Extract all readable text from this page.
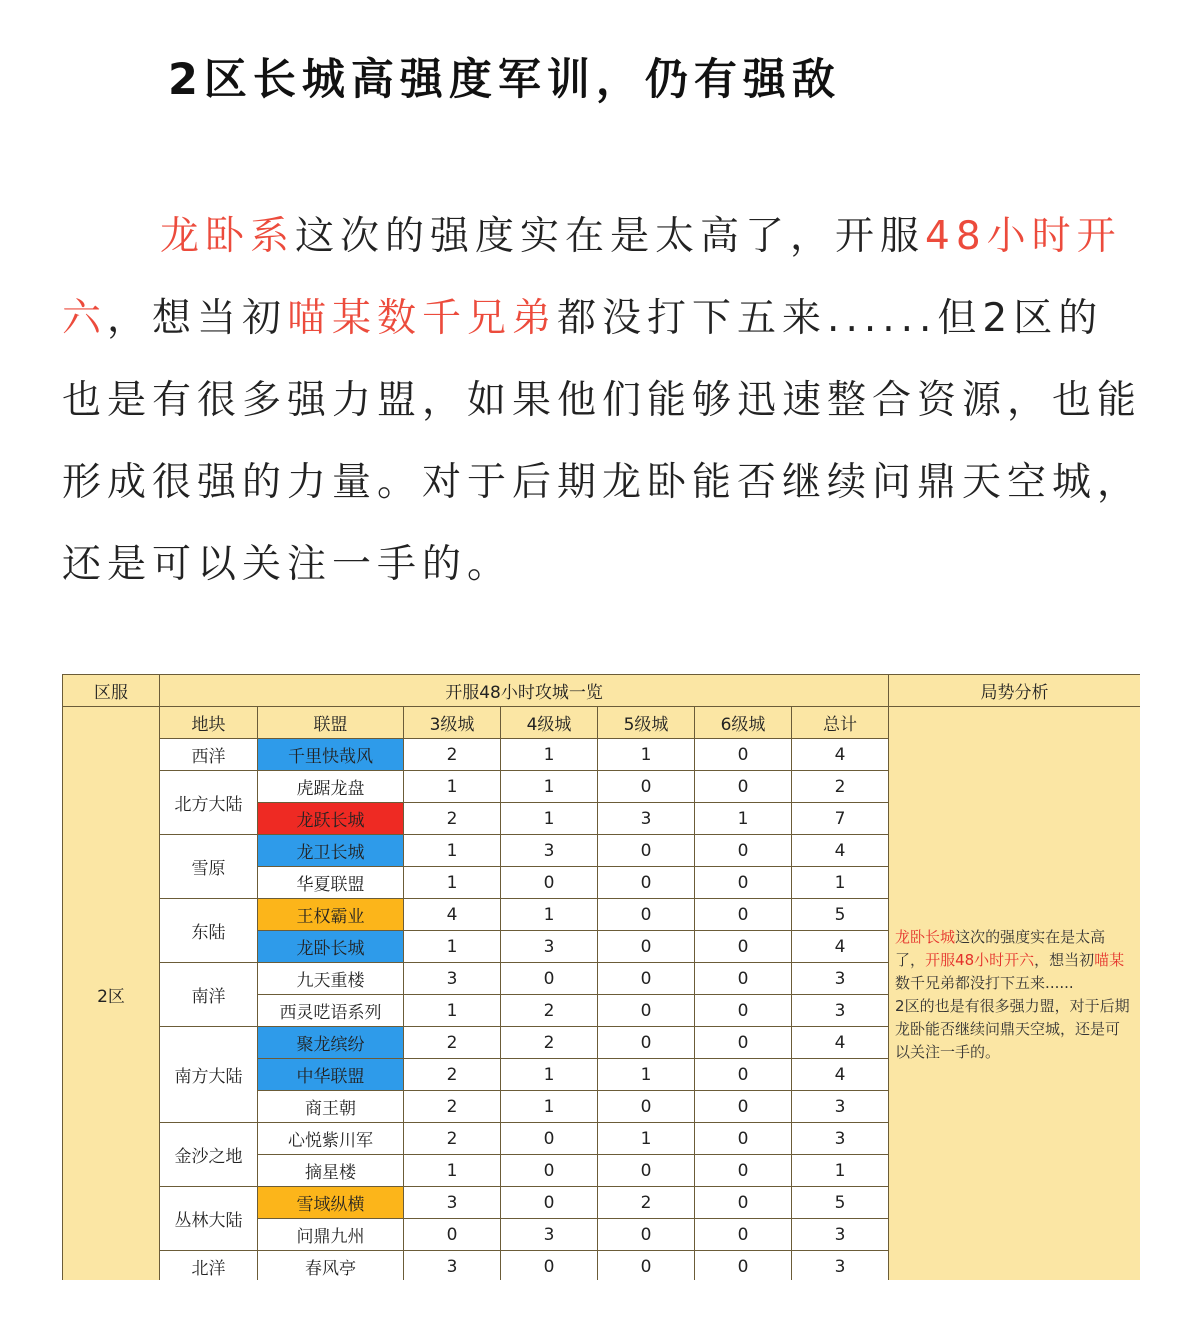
2区长城高强度军训，仍有强敌
龙卧系这次的强度实在是太高了，开服48小时开六，想当初喵某数千兄弟都没打下五来......但2区的也是有很多强力盟，如果他们能够迅速整合资源，也能形成很强的力量。对于后期龙卧能否继续问鼎天空城，还是可以关注一手的。
区服	开服48小时攻城一览							局势分析
2区	地块	联盟	3级城	4级城	5级城	6级城	总计	龙卧长城这次的强度实在是太高了，开服48小时开六，想当初喵某数千兄弟都没打下五来......
2区的也是有很多强力盟，对于后期龙卧能否继续问鼎天空城，还是可以关注一手的。
	西洋	千里快哉风	2	1	1	0	4	
	北方大陆	虎踞龙盘	1	1	0	0	2	
		龙跃长城	2	1	3	1	7	
	雪原	龙卫长城	1	3	0	0	4	
		华夏联盟	1	0	0	0	1	
	东陆	王权霸业	4	1	0	0	5	
		龙卧长城	1	3	0	0	4	
	南洋	九天重楼	3	0	0	0	3	
		西灵呓语系列	1	2	0	0	3	
	南方大陆	聚龙缤纷	2	2	0	0	4	
		中华联盟	2	1	1	0	4	
		商王朝	2	1	0	0	3	
	金沙之地	心悦紫川军	2	0	1	0	3	
		摘星楼	1	0	0	0	1	
	丛林大陆	雪域纵横	3	0	2	0	5	
		问鼎九州	0	3	0	0	3	
	北洋	春风亭	3	0	0	0	3	
